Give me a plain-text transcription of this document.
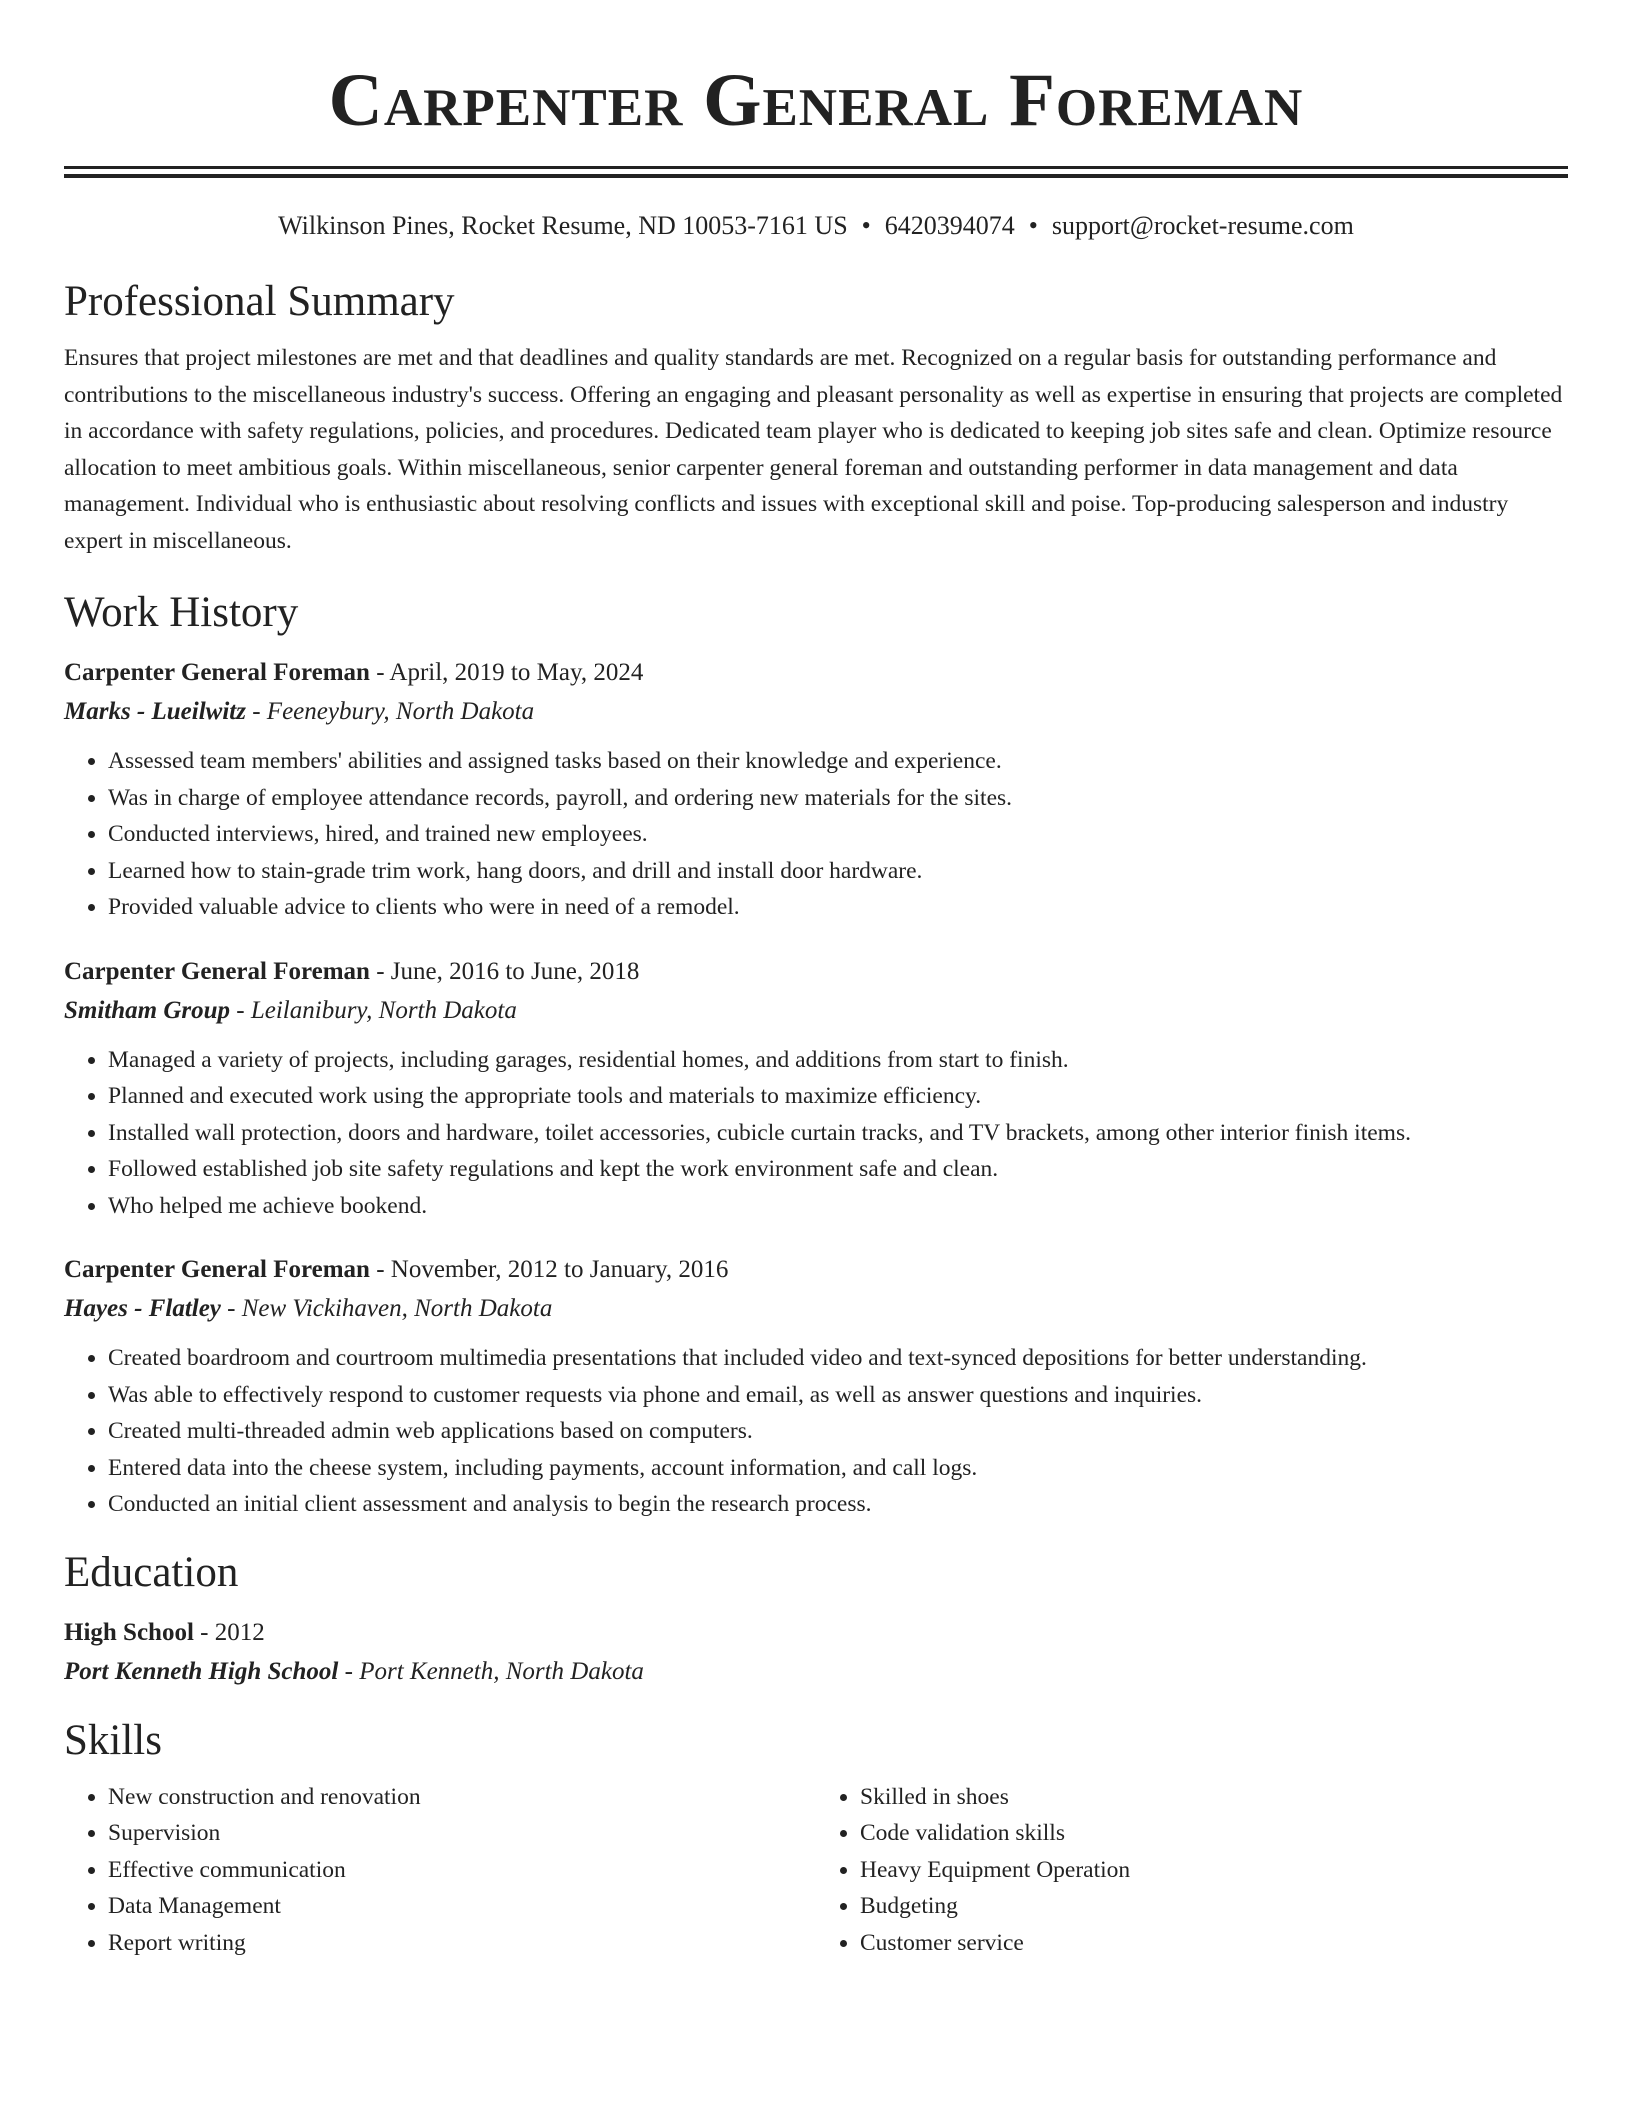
Carpenter General Foreman
Wilkinson Pines, Rocket Resume, ND 10053-7161 US • 6420394074 • support@rocket-resume.com
Professional Summary
Ensures that project milestones are met and that deadlines and quality standards are met. Recognized on a regular basis for outstanding performance and contributions to the miscellaneous industry's success. Offering an engaging and pleasant personality as well as expertise in ensuring that projects are completed in accordance with safety regulations, policies, and procedures. Dedicated team player who is dedicated to keeping job sites safe and clean. Optimize resource allocation to meet ambitious goals. Within miscellaneous, senior carpenter general foreman and outstanding performer in data management and data management. Individual who is enthusiastic about resolving conflicts and issues with exceptional skill and poise. Top-producing salesperson and industry expert in miscellaneous.
Work History
Carpenter General Foreman - April, 2019 to May, 2024
Marks - Lueilwitz - Feeneybury, North Dakota
• Assessed team members' abilities and assigned tasks based on their knowledge and experience.
• Was in charge of employee attendance records, payroll, and ordering new materials for the sites.
• Conducted interviews, hired, and trained new employees.
• Learned how to stain-grade trim work, hang doors, and drill and install door hardware.
• Provided valuable advice to clients who were in need of a remodel.
Carpenter General Foreman - June, 2016 to June, 2018
Smitham Group - Leilanibury, North Dakota
• Managed a variety of projects, including garages, residential homes, and additions from start to finish.
• Planned and executed work using the appropriate tools and materials to maximize efficiency.
• Installed wall protection, doors and hardware, toilet accessories, cubicle curtain tracks, and TV brackets, among other interior finish items.
• Followed established job site safety regulations and kept the work environment safe and clean.
• Who helped me achieve bookend.
Carpenter General Foreman - November, 2012 to January, 2016
Hayes - Flatley - New Vickihaven, North Dakota
• Created boardroom and courtroom multimedia presentations that included video and text-synced depositions for better understanding.
• Was able to effectively respond to customer requests via phone and email, as well as answer questions and inquiries.
• Created multi-threaded admin web applications based on computers.
• Entered data into the cheese system, including payments, account information, and call logs.
• Conducted an initial client assessment and analysis to begin the research process.
Education
High School - 2012
Port Kenneth High School - Port Kenneth, North Dakota
Skills
• New construction and renovation
• Supervision
• Effective communication
• Data Management
• Report writing
• Skilled in shoes
• Code validation skills
• Heavy Equipment Operation
• Budgeting
• Customer service
